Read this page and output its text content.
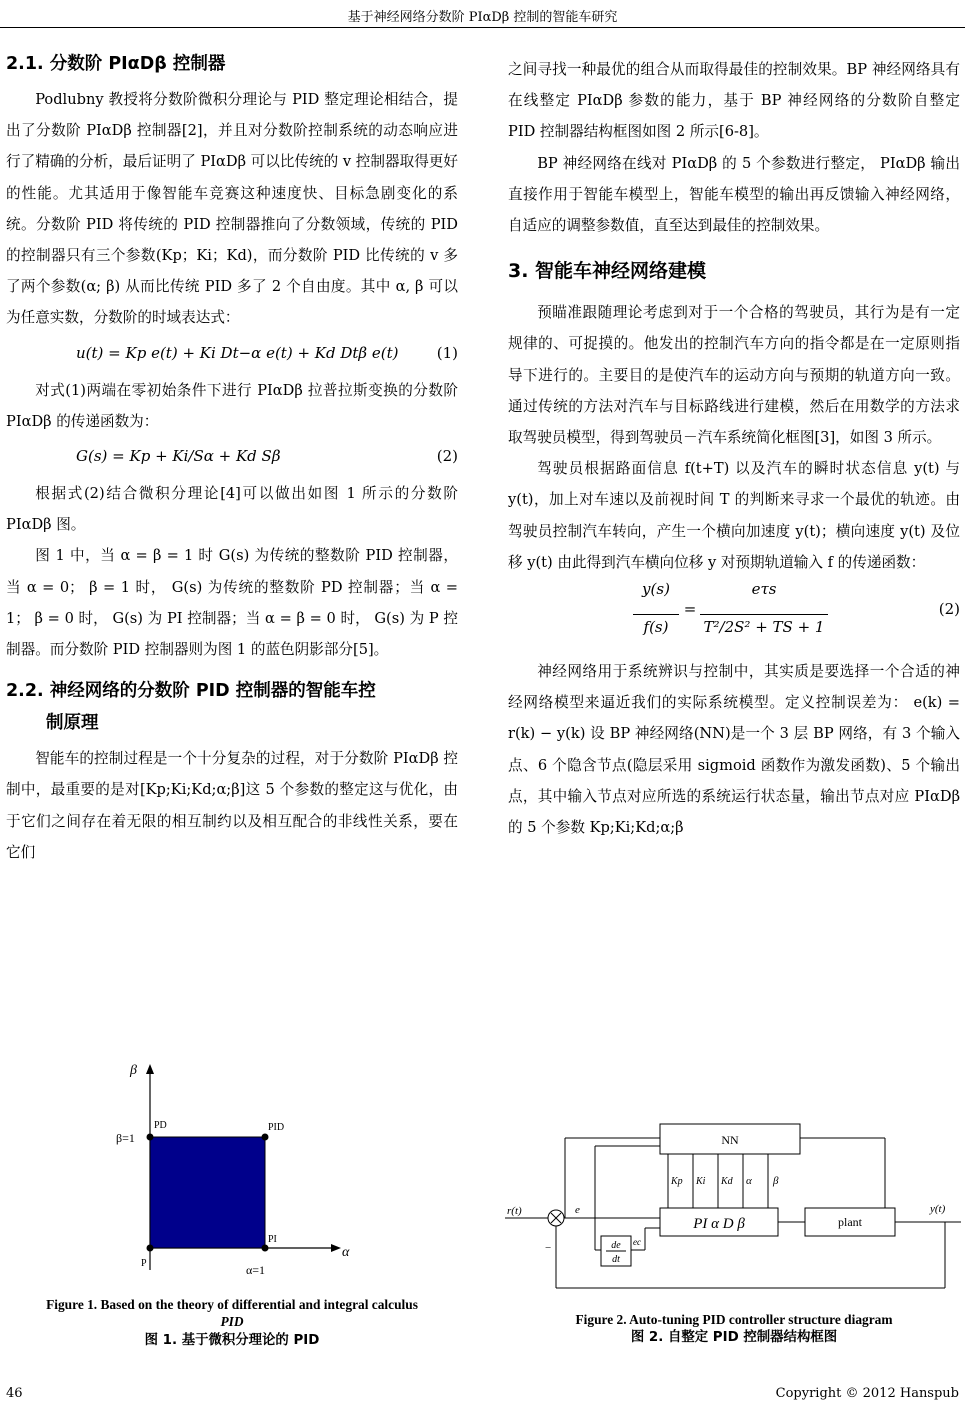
基于神经网络分数阶 PIαDβ 控制的智能车研究
2.1. 分数阶 PIαDβ 控制器

Podlubny 教授将分数阶微积分理论与 PID 整定理论相结合，提出了分数阶 PIαDβ 控制器[2]，并且对分数阶控制系统的动态响应进行了精确的分析，最后证明了 PIαDβ 可以比传统的 v 控制器取得更好的性能。尤其适用于像智能车竞赛这种速度快、目标急剧变化的系统。分数阶 PID 将传统的 PID 控制器推向了分数领域，传统的 PID 的控制器只有三个参数(Kp；Ki；Kd)，而分数阶 PID 比传统的 v 多了两个参数(α; β) 从而比传统 PID 多了 2 个自由度。其中 α, β 可以为任意实数，分数阶的时域表达式：

u(t) = Kp e(t) + Ki Dt−α e(t) + Kd Dtβ e(t)	(1)

对式(1)两端在零初始条件下进行 PIαDβ 拉普拉斯变换的分数阶 PIαDβ 的传递函数为：

G(s) = Kp + Ki/Sα + Kd Sβ	(2)

根据式(2)结合微积分理论[4]可以做出如图 1 所示的分数阶 PIαDβ 图。

图 1 中，当 α = β = 1 时 G(s) 为传统的整数阶 PID 控制器，当 α = 0； β = 1 时， G(s) 为传统的整数阶 PD 控制器；当 α = 1； β = 0 时， G(s) 为 PI 控制器；当 α = β = 0 时， G(s) 为 P 控制器。而分数阶 PID 控制器则为图 1 的蓝色阴影部分[5]。

2.2. 神经网络的分数阶 PID 控制器的智能车控
制原理

智能车的控制过程是一个十分复杂的过程，对于分数阶 PIαDβ 控制中，最重要的是对[Kp;Ki;Kd;α;β]这 5 个参数的整定这与优化，由于它们之间存在着无限的相互制约以及相互配合的非线性关系，要在它们

β
α
β=1
PD	PID
PI
P	α=1
Figure 1. Based on the theory of differential and integral calculus
PID
图 1. 基于微积分理论的 PID

之间寻找一种最优的组合从而取得最佳的控制效果。BP 神经网络具有在线整定 PIαDβ 参数的能力，基于 BP 神经网络的分数阶自整定 PID 控制器结构框图如图 2 所示[6-8]。

BP 神经网络在线对 PIαDβ 的 5 个参数进行整定， PIαDβ 输出直接作用于智能车模型上，智能车模型的输出再反馈输入神经网络，自适应的调整参数值，直至达到最佳的控制效果。

3. 智能车神经网络建模

预瞄准跟随理论考虑到对于一个合格的驾驶员，其行为是有一定规律的、可捉摸的。他发出的控制汽车方向的指令都是在一定原则指导下进行的。主要目的是使汽车的运动方向与预期的轨道方向一致。通过传统的方法对汽车与目标路线进行建模，然后在用数学的方法求取驾驶员模型，得到驾驶员－汽车系统简化框图[3]，如图 3 所示。

驾驶员根据路面信息 f(t+T) 以及汽车的瞬时状态信息 y(t) 与 y(t)，加上对车速以及前视时间 T 的判断来寻求一个最优的轨迹。由驾驶员控制汽车转向，产生一个横向加速度 y(t)；横向速度 y(t) 及位移 y(t) 由此得到汽车横向位移 y 对预期轨道输入 f 的传递函数：

y(s)
f(s)
=
eτs
T²/2S² + TS + 1
(2)

神经网络用于系统辨识与控制中，其实质是要选择一个合适的神经网络模型来逼近我们的实际系统模型。定义控制误差为： e(k) = r(k) − y(k) 设 BP 神经网络(NN)是一个 3 层 BP 网络，有 3 个输入点、6 个隐含节点(隐层采用 sigmoid 函数作为激发函数)、5 个输出点，其中输入节点对应所选的系统运行状态量，输出节点对应 PIαDβ 的 5 个参数 Kp;Ki;Kd;α;β

NN
Kp Ki Kd α β
r(t)
−
e
PI α D β	plant
y(t)
de
dt
ec
Figure 2. Auto-tuning PID controller structure diagram
图 2. 自整定 PID 控制器结构框图
46	Copyright © 2012 Hanspub
